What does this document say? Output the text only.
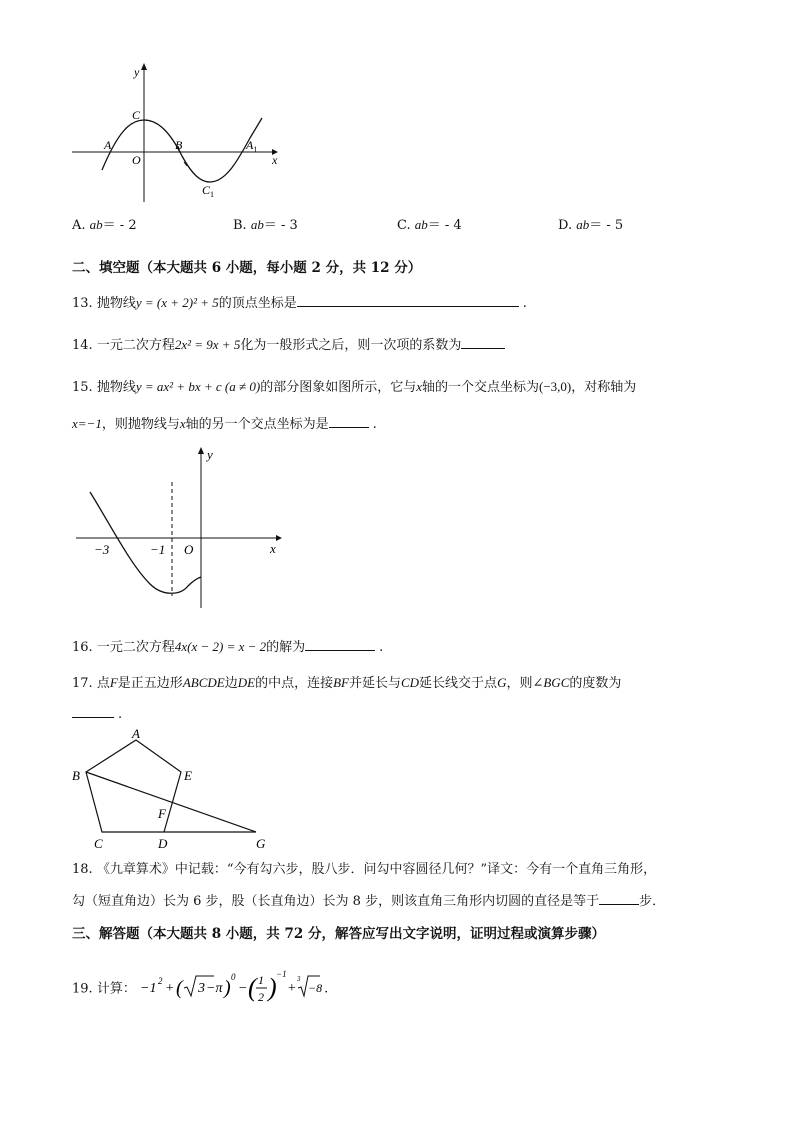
y
x
C
A
O
B	$A_1$
$C_1$
A. ab＝ - 2	B. ab＝ - 3	C. ab＝ - 4	D. ab＝ - 5
二、填空题（本大题共 6 小题，每小题 2 分，共 12 分）
13. 抛物线y = (x + 2)² + 5的顶点坐标是	.
14. 一元二次方程2x² = 9x + 5化为一般形式之后，则一次项的系数为
15. 抛物线y = ax² + bx + c (a ≠ 0)的部分图象如图所示，它与x轴的一个交点坐标为(−3,0)，对称轴为
x=−1，则抛物线与x轴的另一个交点坐标为是	.
y
x
−3	−1 O
16. 一元二次方程4x(x − 2) = x − 2的解为	.
17. 点F是正五边形ABCDE边DE的中点，连接BF并延长与CD延长线交于点G，则∠BGC的度数为
.
A
B
C	D
E
F
G
18. 《九章算术》中记载：“今有勾六步，股八步．问勾中容圆径几何？”译文：今有一个直角三角形，
勾（短直角边）长为 6 步，股（长直角边）长为 8 步，则该直角三角形内切圆的直径是等于	步．
三、解答题（本大题共 8 小题，共 72 分，解答应写出文字说明，证明过程或演算步骤）
19. 计算： −1 2 + ( 3 −π ) 0
− ( 1
2 ) −1
+
3
−8 .
